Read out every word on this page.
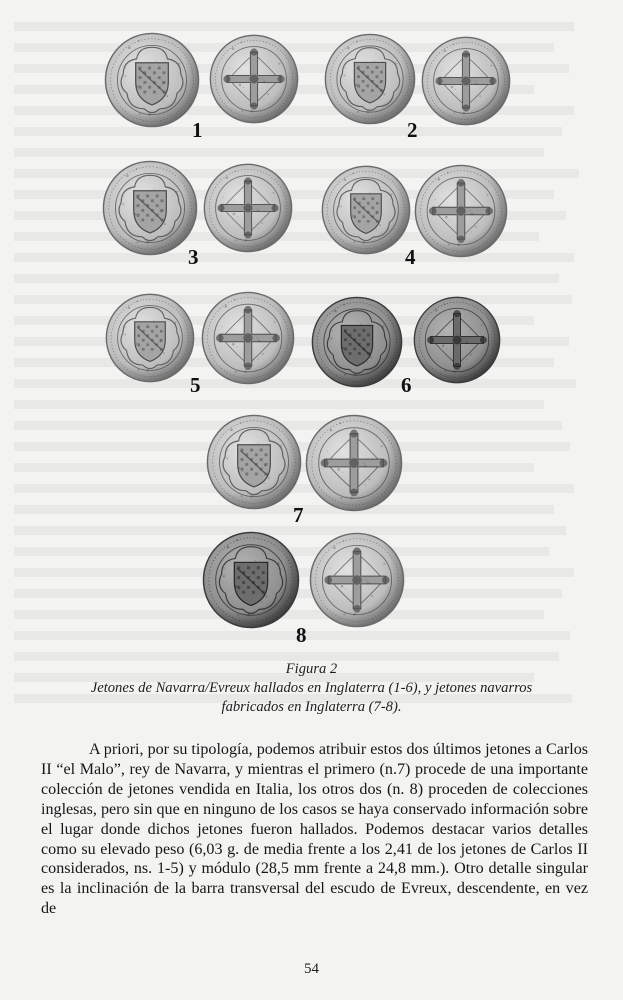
1	2
3	4
5	6
7
8
Figura 2
Jetones de Navarra/Evreux hallados en Inglaterra (1-6), y jetones navarros
fabricados en Inglaterra (7-8).

A priori, por su tipología, podemos atribuir estos dos últimos jetones a Carlos II “el Malo”, rey de Navarra, y mientras el primero (n.7) procede de una importante colección de jetones vendida en Italia, los otros dos (n. 8) proceden de colecciones inglesas, pero sin que en ninguno de los casos se haya conservado información sobre el lugar donde dichos jetones fueron hallados. Podemos destacar varios detalles como su elevado peso (6,03 g. de media frente a los 2,41 de los jetones de Carlos II considerados, ns. 1-5) y módulo (28,5 mm frente a 24,8 mm.). Otro detalle singular es la inclinación de la barra transversal del escudo de Evreux, descendente, en vez de

54
